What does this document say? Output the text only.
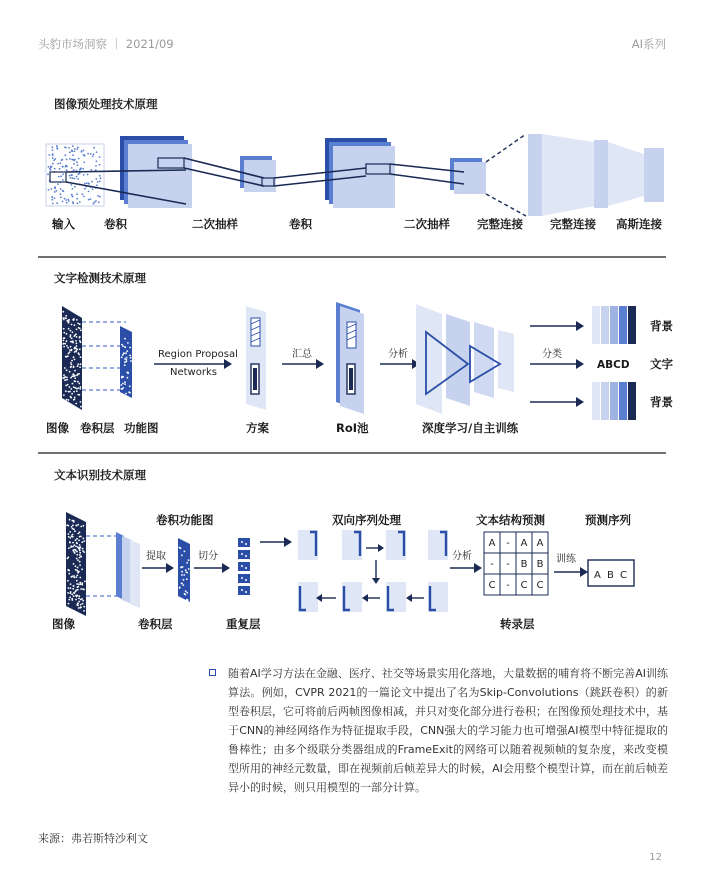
头豹市场洞察 ｜ 2021/09	AI系列
图像预处理技术原理
输入	卷积	二次抽样	卷积	二次抽样 完整连接 完整连接 高斯连接
文字检测技术原理
Region Proposal
Networks
汇总	分析	分类
ABCD
背景
文字
背景
图像 卷积层 功能图	方案	RoI池	深度学习/自主训练
文本识别技术原理
卷积功能图	双向序列处理	文本结构预测	预测序列
提取	切分	分析
A - A A
- - B B
C - C C
训练
A B C
图像	卷积层	重复层	转录层
随着AI学习方法在金融、医疗、社交等场景实用化落地，大量数据的哺育将不断完善AI训练算法。例如，CVPR 2021的一篇论文中提出了名为Skip-Convolutions（跳跃卷积）的新型卷积层，它可将前后两帧图像相减，并只对变化部分进行卷积；在图像预处理技术中，基于CNN的神经网络作为特征提取手段，CNN强大的学习能力也可增强AI模型中特征提取的鲁棒性；由多个级联分类器组成的FrameExit的网络可以随着视频帧的复杂度，来改变模型所用的神经元数量，即在视频前后帧差异大的时候，AI会用整个模型计算，而在前后帧差异小的时候，则只用模型的一部分计算。
来源：弗若斯特沙利文
12
